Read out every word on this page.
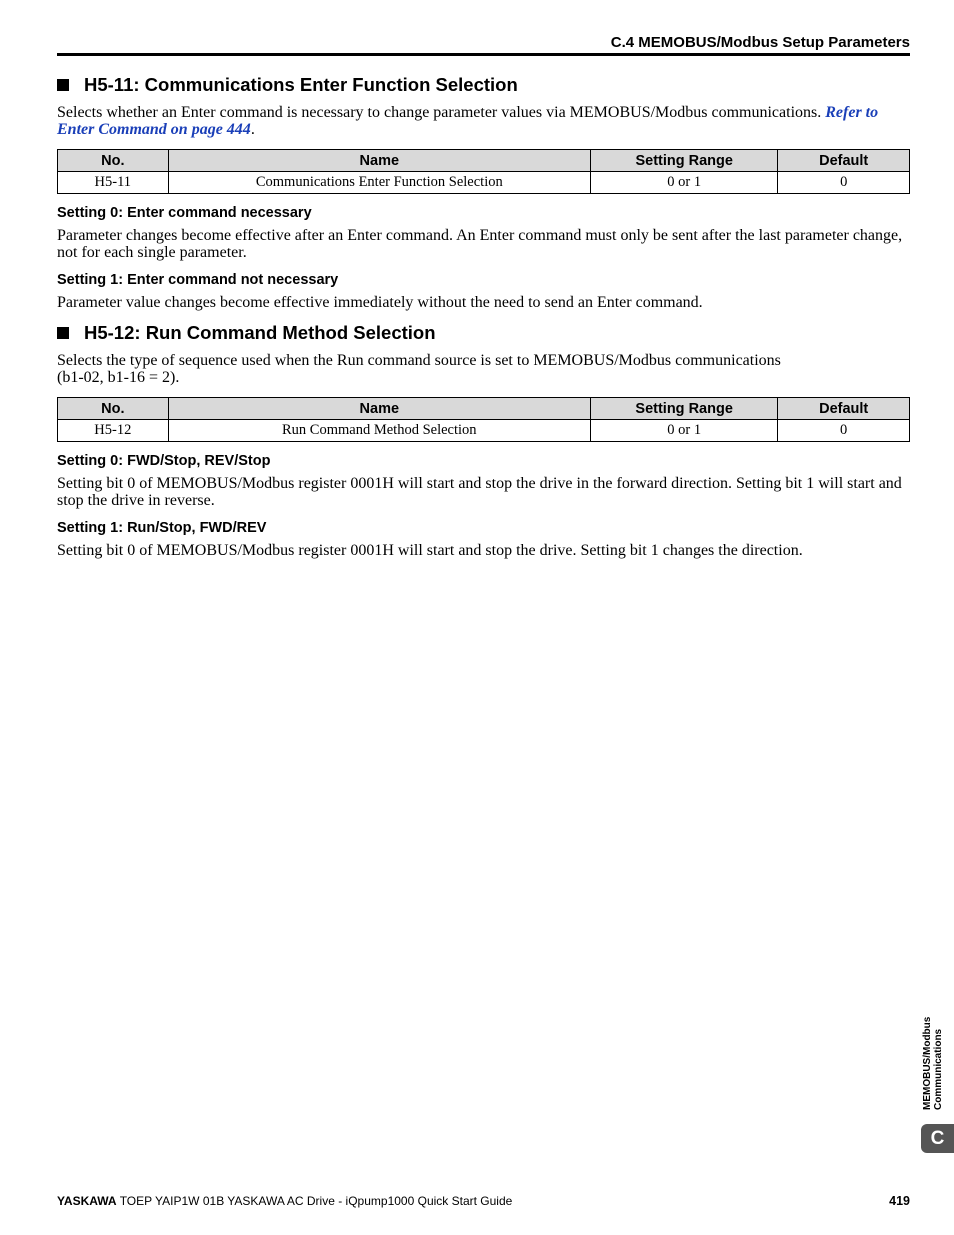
C.4 MEMOBUS/Modbus Setup Parameters
H5-11: Communications Enter Function Selection
Selects whether an Enter command is necessary to change parameter values via MEMOBUS/Modbus communications. Refer to Enter Command on page 444.
No.	Name	Setting Range	Default
H5-11	Communications Enter Function Selection	0 or 1	0
Setting 0: Enter command necessary
Parameter changes become effective after an Enter command. An Enter command must only be sent after the last parameter change, not for each single parameter.
Setting 1: Enter command not necessary
Parameter value changes become effective immediately without the need to send an Enter command.
H5-12: Run Command Method Selection
Selects the type of sequence used when the Run command source is set to MEMOBUS/Modbus communications
(b1-02, b1-16 = 2).
No.	Name	Setting Range	Default
H5-12	Run Command Method Selection	0 or 1	0
Setting 0: FWD/Stop, REV/Stop
Setting bit 0 of MEMOBUS/Modbus register 0001H will start and stop the drive in the forward direction. Setting bit 1 will start and stop the drive in reverse.
Setting 1: Run/Stop, FWD/REV
Setting bit 0 of MEMOBUS/Modbus register 0001H will start and stop the drive. Setting bit 1 changes the direction.
MEMOBUS/Modbus Communications
C
YASKAWA TOEP YAIP1W 01B YASKAWA AC Drive - iQpump1000 Quick Start Guide	419
